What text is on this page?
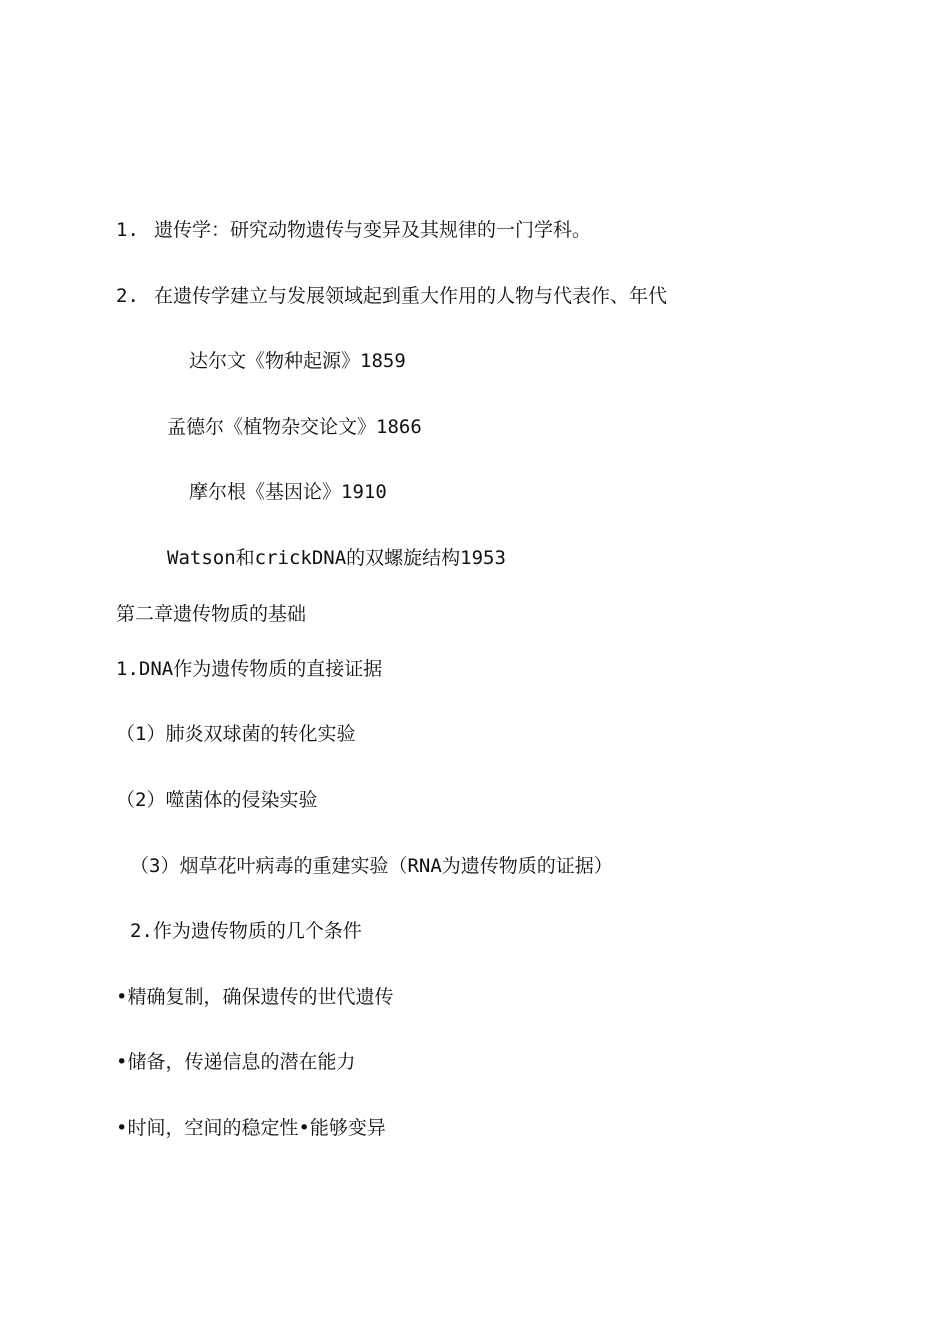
1. 遗传学：研究动物遗传与变异及其规律的一门学科。
2. 在遗传学建立与发展领域起到重大作用的人物与代表作、年代
达尔文《物种起源》1859
孟德尔《植物杂交论文》1866
摩尔根《基因论》1910
Watson和crickDNA的双螺旋结构1953
第二章遗传物质的基础
1.DNA作为遗传物质的直接证据
（1）肺炎双球菌的转化实验
（2）噬菌体的侵染实验
（3）烟草花叶病毒的重建实验（RNA为遗传物质的证据）
2.作为遗传物质的几个条件
•精确复制，确保遗传的世代遗传
•储备，传递信息的潜在能力
•时间，空间的稳定性•能够变异
